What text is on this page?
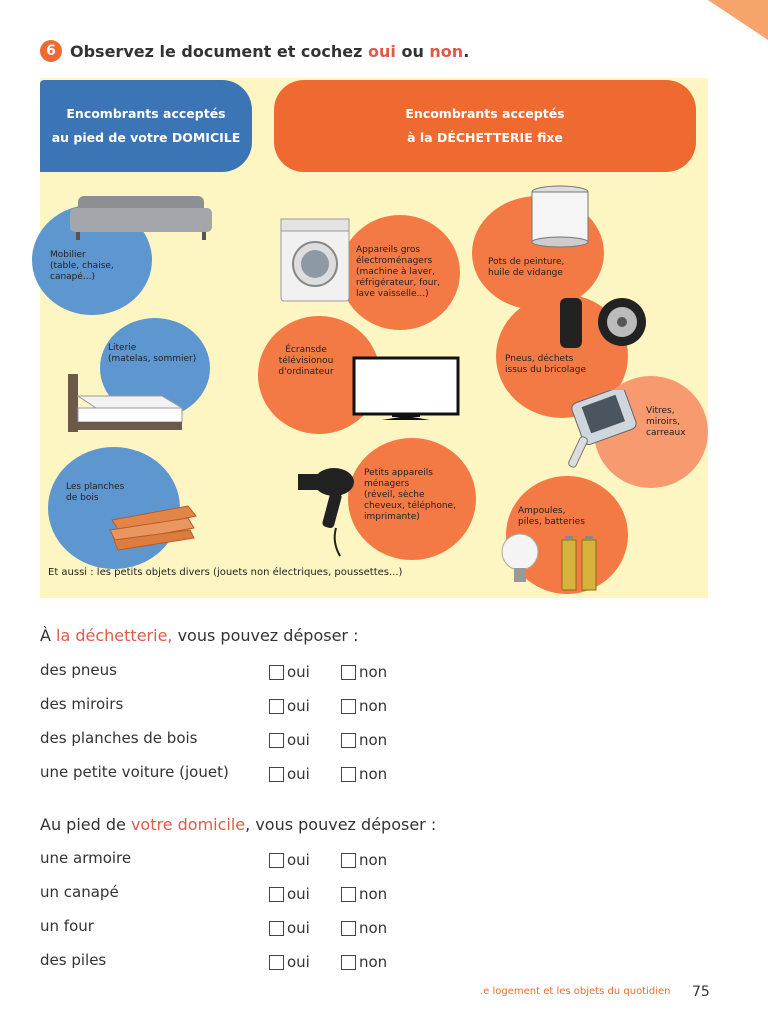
6 Observez le document et cochez oui ou non.
Encombrants acceptés
au pied de votre DOMICILE
Encombrants acceptés
à la DÉCHETTERIE fixe
Mobilier
(table, chaise,
canapé...)
Literie
(matelas, sommier)
Les planches
de bois
Appareils gros
électroménagers
(machine à laver,
réfrigérateur, four,
lave vaisselle...)
Écransde télévisionou d'ordinateur
Petits appareils
ménagers
(réveil, sèche
cheveux, téléphone,
imprimante)
Pots de peinture,
huile de vidange
Pneus, déchets
issus du bricolage
Vitres,
miroirs,
carreaux
Ampoules,
piles, batteries
Et aussi : les petits objets divers (jouets non électriques, poussettes...)
À la déchetterie, vous pouvez déposer :
des pneus	oui	non
des miroirs	oui	non
des planches de bois	oui	non
une petite voiture (jouet)	oui	non
Au pied de votre domicile, vous pouvez déposer :
une armoire	oui	non
un canapé	oui	non
un four	oui	non
des piles	oui	non
.e logement et les objets du quotidien 75
